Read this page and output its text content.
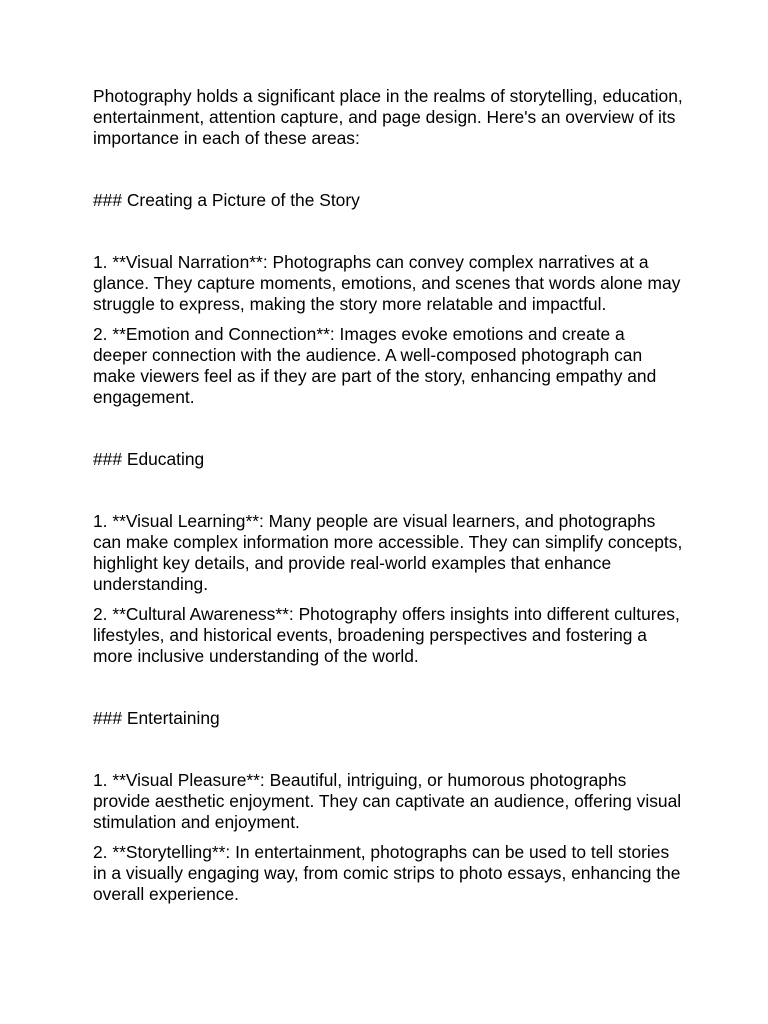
Photography holds a significant place in the realms of storytelling, education, entertainment, attention capture, and page design. Here's an overview of its importance in each of these areas:

### Creating a Picture of the Story

1. **Visual Narration**: Photographs can convey complex narratives at a glance. They capture moments, emotions, and scenes that words alone may struggle to express, making the story more relatable and impactful.

2. **Emotion and Connection**: Images evoke emotions and create a deeper connection with the audience. A well-composed photograph can make viewers feel as if they are part of the story, enhancing empathy and engagement.

### Educating

1. **Visual Learning**: Many people are visual learners, and photographs can make complex information more accessible. They can simplify concepts, highlight key details, and provide real-world examples that enhance understanding.

2. **Cultural Awareness**: Photography offers insights into different cultures, lifestyles, and historical events, broadening perspectives and fostering a more inclusive understanding of the world.

### Entertaining

1. **Visual Pleasure**: Beautiful, intriguing, or humorous photographs provide aesthetic enjoyment. They can captivate an audience, offering visual stimulation and enjoyment.

2. **Storytelling**: In entertainment, photographs can be used to tell stories in a visually engaging way, from comic strips to photo essays, enhancing the overall experience.
